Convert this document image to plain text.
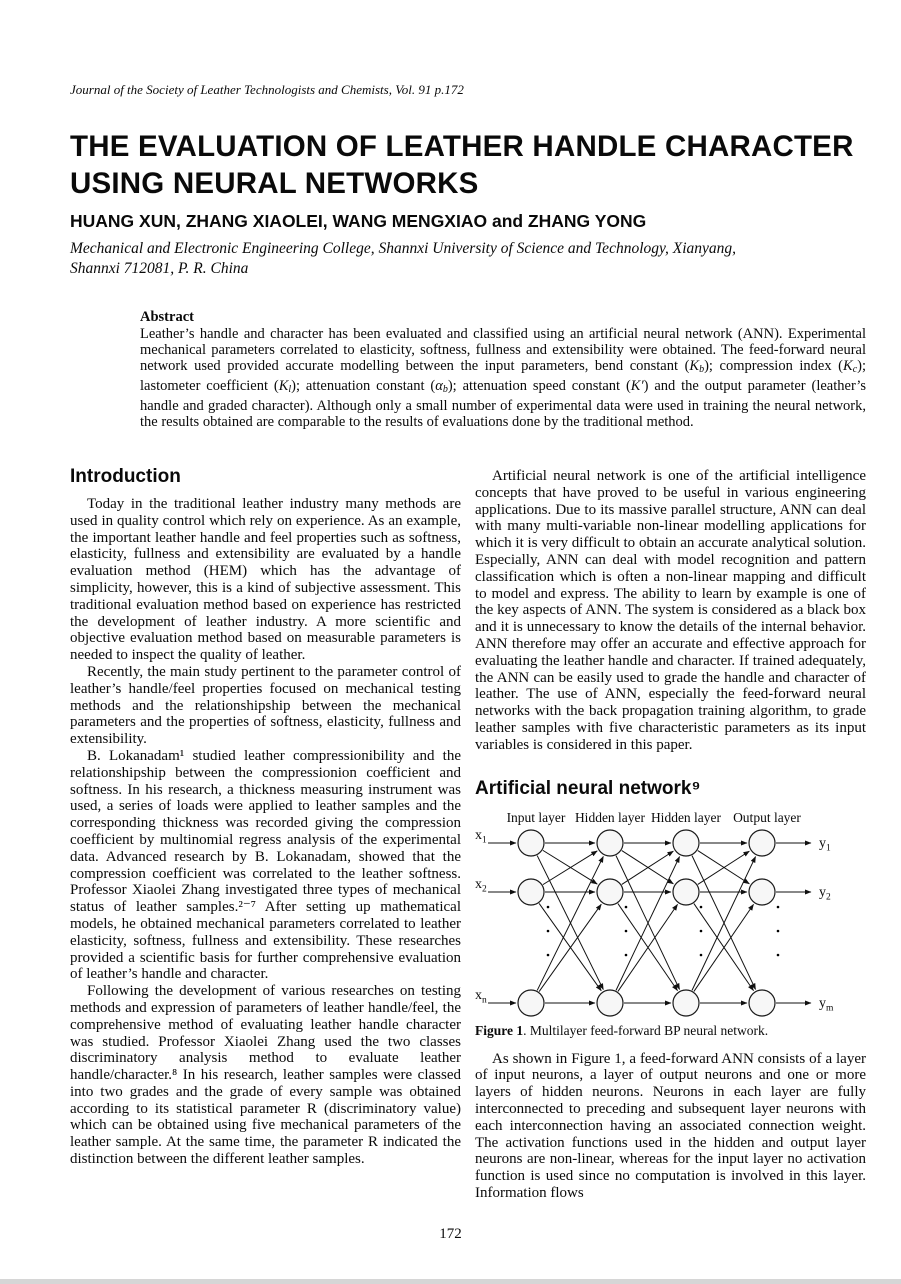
Journal of the Society of Leather Technologists and Chemists, Vol. 91 p.172
THE EVALUATION OF LEATHER HANDLE CHARACTER USING NEURAL NETWORKS
HUANG XUN, ZHANG XIAOLEI, WANG MENGXIAO and ZHANG YONG
Mechanical and Electronic Engineering College, Shannxi University of Science and Technology, Xianyang, Shannxi 712081, P. R. China
Abstract
Leather’s handle and character has been evaluated and classified using an artificial neural network (ANN). Experimental mechanical parameters correlated to elasticity, softness, fullness and extensibility were obtained. The feed-forward neural network used provided accurate modelling between the input parameters, bend constant (Kb); compression index (Kc); lastometer coefficient (Kl); attenuation constant (αb); attenuation speed constant (K′) and the output parameter (leather’s handle and graded character). Although only a small number of experimental data were used in training the neural network, the results obtained are comparable to the results of evaluations done by the traditional method.
Introduction

Today in the traditional leather industry many methods are used in quality control which rely on experience. As an example, the important leather handle and feel properties such as softness, elasticity, fullness and extensibility are evaluated by a handle evaluation method (HEM) which has the advantage of simplicity, however, this is a kind of subjective assessment. This traditional evaluation method based on experience has restricted the development of leather industry. A more scientific and objective evaluation method based on measurable parameters is needed to inspect the quality of leather.

Recently, the main study pertinent to the parameter control of leather’s handle/feel properties focused on mechanical testing methods and the relationshipship between the mechanical parameters and the properties of softness, elasticity, fullness and extensibility.

B. Lokanadam¹ studied leather compressionibility and the relationshipship between the compressionion coefficient and softness. In his research, a thickness measuring instrument was used, a series of loads were applied to leather samples and the corresponding thickness was recorded giving the compression coefficient by multinomial regress analysis of the experimental data. Advanced research by B. Lokanadam, showed that the compression coefficient was correlated to the leather softness. Professor Xiaolei Zhang investigated three types of mechanical status of leather samples.²⁻⁷ After setting up mathematical models, he obtained mechanical parameters correlated to leather elasticity, softness, fullness and extensibility. These researches provided a scientific basis for further comprehensive evaluation of leather’s handle and character.

Following the development of various researches on testing methods and expression of parameters of leather handle/feel, the comprehensive method of evaluating leather handle character was studied. Professor Xiaolei Zhang used the two classes discriminatory analysis method to evaluate leather handle/character.⁸ In his research, leather samples were classed into two grades and the grade of every sample was obtained according to its statistical parameter R (discriminatory value) which can be obtained using five mechanical parameters of the leather sample. At the same time, the parameter R indicated the distinction between the different leather samples.

Artificial neural network is one of the artificial intelligence concepts that have proved to be useful in various engineering applications. Due to its massive parallel structure, ANN can deal with many multi-variable non-linear modelling applications for which it is very difficult to obtain an accurate analytical solution. Especially, ANN can deal with model recognition and pattern classification which is often a non-linear mapping and difficult to model and express. The ability to learn by example is one of the key aspects of ANN. The system is considered as a black box and it is unnecessary to know the details of the internal behavior. ANN therefore may offer an accurate and effective approach for evaluating the leather handle and character. If trained adequately, the ANN can be easily used to grade the handle and character of leather. The use of ANN, especially the feed-forward neural networks with the back propagation training algorithm, to grade leather samples with five characteristic parameters as its input variables is considered in this paper.

Artificial neural network⁹
$x_1$	$y_1$
$x_2$	$y_2$
$x_n$	$y_m$
Input layer Hidden layer Hidden layer Output layer
Figure 1. Multilayer feed-forward BP neural network.

As shown in Figure 1, a feed-forward ANN consists of a layer of input neurons, a layer of output neurons and one or more layers of hidden neurons. Neurons in each layer are fully interconnected to preceding and subsequent layer neurons with each interconnection having an associated connection weight. The activation functions used in the hidden and output layer neurons are non-linear, whereas for the input layer no activation function is used since no computation is involved in this layer. Information flows

172
